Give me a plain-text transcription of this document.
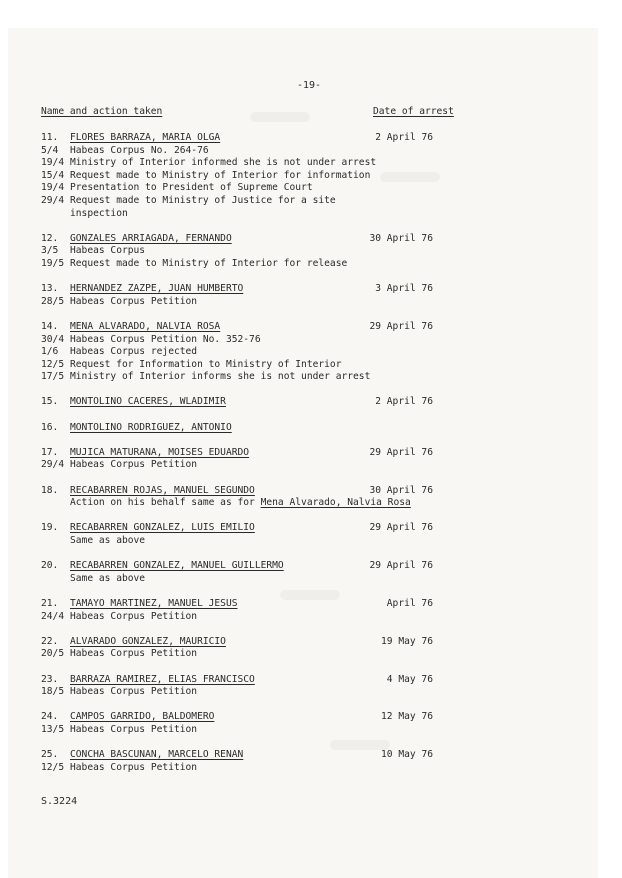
-19-
Name and action taken	Date of arrest
11.	FLORES BARRAZA, MARIA OLGA	2 April 76
5/4	Habeas Corpus No. 264-76
19/4 Ministry of Interior informed she is not under arrest
15/4 Request made to Ministry of Interior for information
19/4 Presentation to President of Supreme Court
29/4 Request made to Ministry of Justice for a site
inspection
12.	GONZALES ARRIAGADA, FERNANDO	30 April 76
3/5	Habeas Corpus
19/5 Request made to Ministry of Interior for release
13.	HERNANDEZ ZAZPE, JUAN HUMBERTO	3 April 76
28/5 Habeas Corpus Petition
14.	MENA ALVARADO, NALVIA ROSA	29 April 76
30/4 Habeas Corpus Petition No. 352-76
1/6	Habeas Corpus rejected
12/5 Request for Information to Ministry of Interior
17/5 Ministry of Interior informs she is not under arrest
15.	MONTOLINO CACERES, WLADIMIR	2 April 76
16.	MONTOLINO RODRIGUEZ, ANTONIO
17.	MUJICA MATURANA, MOISES EDUARDO	29 April 76
29/4 Habeas Corpus Petition
18.	RECABARREN ROJAS, MANUEL SEGUNDO	30 April 76
Action on his behalf same as for Mena Alvarado, Nalvia Rosa
19.	RECABARREN GONZALEZ, LUIS EMILIO	29 April 76
Same as above
20.	RECABARREN GONZALEZ, MANUEL GUILLERMO	29 April 76
Same as above
21.	TAMAYO MARTINEZ, MANUEL JESUS	April 76
24/4 Habeas Corpus Petition
22.	ALVARADO GONZALEZ, MAURICIO	19 May 76
20/5 Habeas Corpus Petition
23.	BARRAZA RAMIREZ, ELIAS FRANCISCO	4 May 76
18/5 Habeas Corpus Petition
24.	CAMPOS GARRIDO, BALDOMERO	12 May 76
13/5 Habeas Corpus Petition
25.	CONCHA BASCUNAN, MARCELO RENAN	10 May 76
12/5 Habeas Corpus Petition
S.3224
